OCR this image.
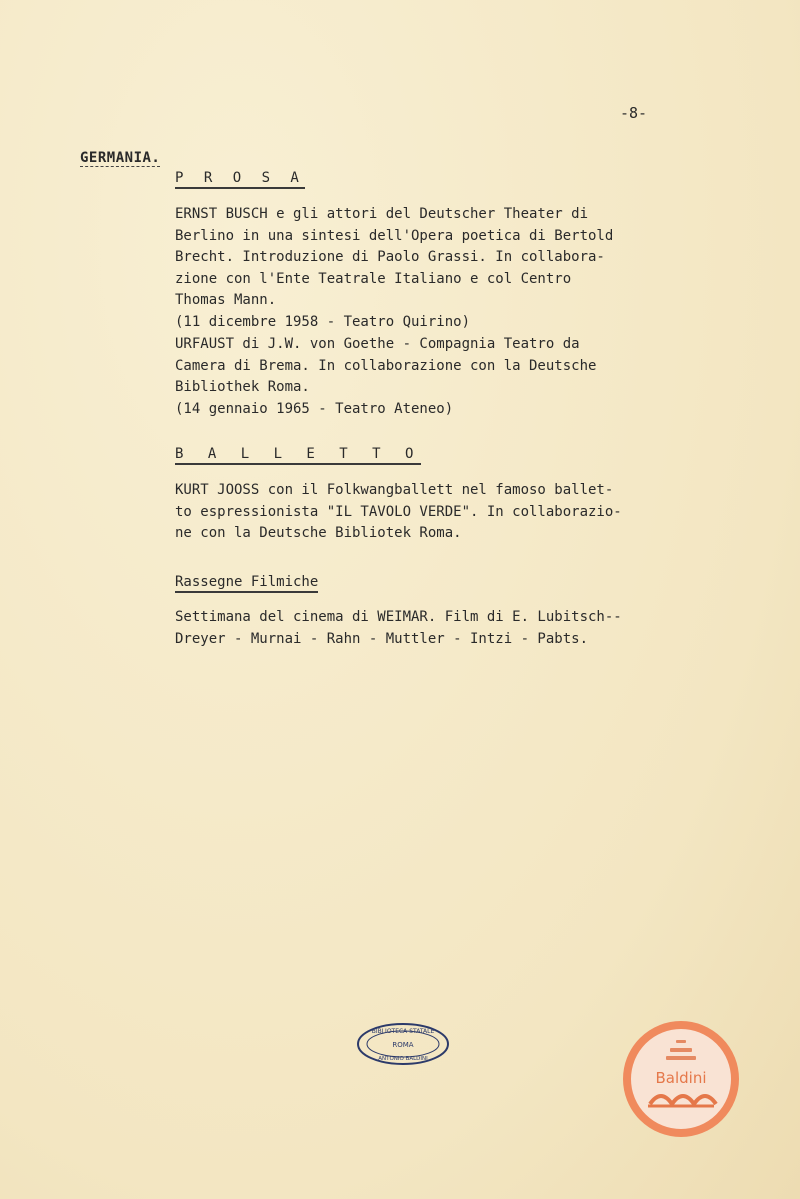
-8-
GERMANIA.
P R O S A
ERNST BUSCH e gli attori del Deutscher Theater di
Berlino in una sintesi dell'Opera poetica di Bertold
Brecht. Introduzione di Paolo Grassi. In collabora-
zione con l'Ente Teatrale Italiano e col Centro
Thomas Mann.
(11 dicembre 1958 - Teatro Quirino)
URFAUST di J.W. von Goethe - Compagnia Teatro da
Camera di Brema. In collaborazione con la Deutsche
Bibliothek Roma.
(14 gennaio 1965 - Teatro Ateneo)
B A L L E T T O
KURT JOOSS con il Folkwangballett nel famoso ballet-
to espressionista "IL TAVOLO VERDE". In collaborazio-
ne con la Deutsche Bibliotek Roma.
Rassegne Filmiche
Settimana del cinema di WEIMAR. Film di E. Lubitsch--
Dreyer - Murnai - Rahn - Muttler - Intzi - Pabts.
BIBLIOTECA STATALE
ROMA
ANTONIO BALDINI
Baldini
